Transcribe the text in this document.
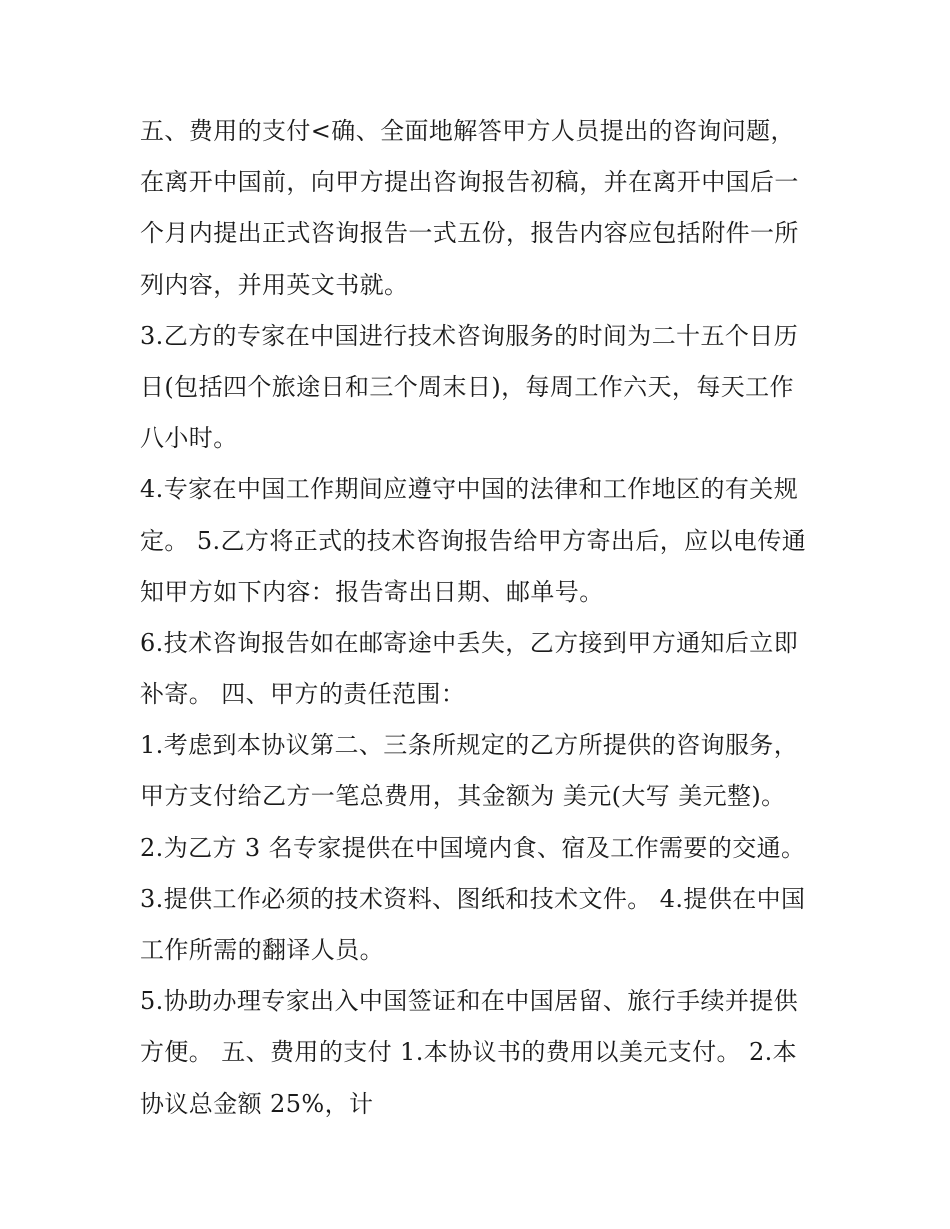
五、费用的支付<确、全面地解答甲方人员提出的咨询问题，
在离开中国前，向甲方提出咨询报告初稿，并在离开中国后一
个月内提出正式咨询报告一式五份，报告内容应包括附件一所
列内容，并用英文书就。
3.乙方的专家在中国进行技术咨询服务的时间为二十五个日历
日(包括四个旅途日和三个周末日)，每周工作六天，每天工作
八小时。
4.专家在中国工作期间应遵守中国的法律和工作地区的有关规
定。 5.乙方将正式的技术咨询报告给甲方寄出后，应以电传通
知甲方如下内容：报告寄出日期、邮单号。
6.技术咨询报告如在邮寄途中丢失，乙方接到甲方通知后立即
补寄。 四、甲方的责任范围：
1.考虑到本协议第二、三条所规定的乙方所提供的咨询服务，
甲方支付给乙方一笔总费用，其金额为 美元(大写 美元整)。
2.为乙方 3 名专家提供在中国境内食、宿及工作需要的交通。
3.提供工作必须的技术资料、图纸和技术文件。 4.提供在中国
工作所需的翻译人员。
5.协助办理专家出入中国签证和在中国居留、旅行手续并提供
方便。 五、费用的支付 1.本协议书的费用以美元支付。 2.本
协议总金额 25%，计
